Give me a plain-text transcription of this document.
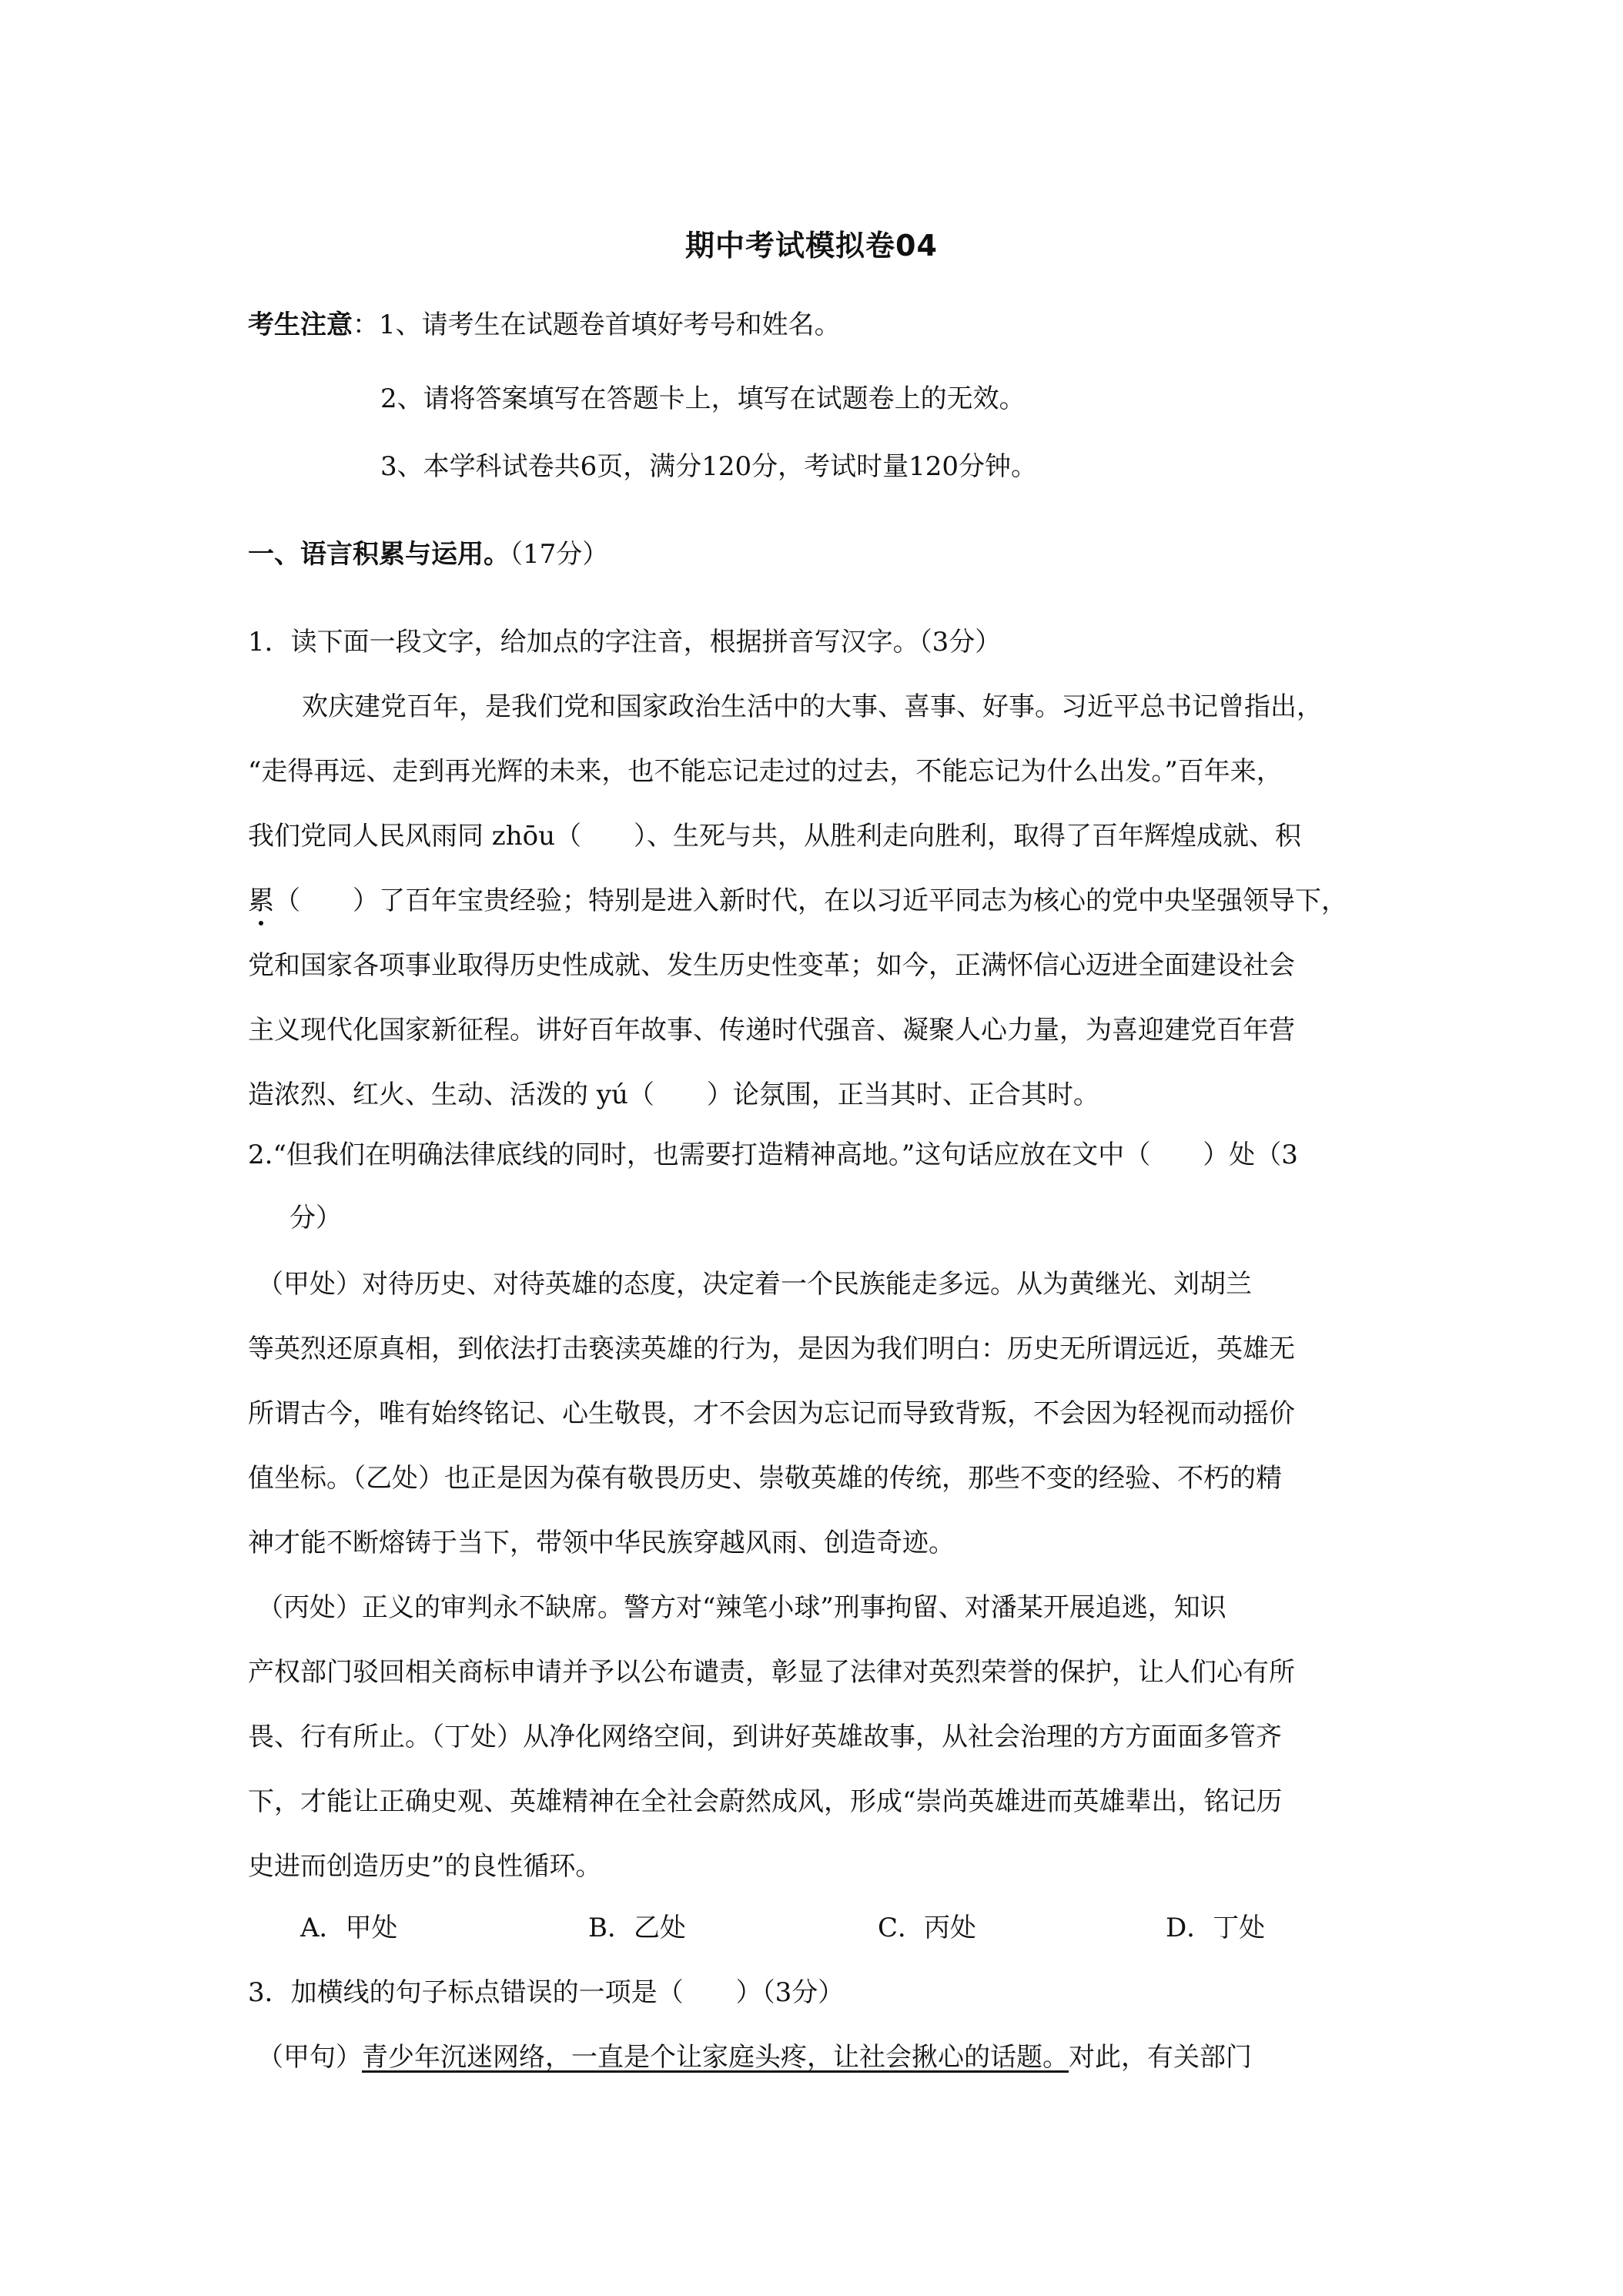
期中考试模拟卷04
考生注意：1、请考生在试题卷首填好考号和姓名。
2、请将答案填写在答题卡上，填写在试题卷上的无效。
3、本学科试卷共6页，满分120分，考试时量120分钟。
一、语言积累与运用。（17分）
1．读下面一段文字，给加点的字注音，根据拼音写汉字。（3分）
欢庆建党百年，是我们党和国家政治生活中的大事、喜事、好事。习近平总书记曾指出，
“走得再远、走到再光辉的未来，也不能忘记走过的过去，不能忘记为什么出发。”百年来，
我们党同人民风雨同 zhōu（　　）、生死与共，从胜利走向胜利，取得了百年辉煌成就、积
累（　　）了百年宝贵经验；特别是进入新时代，在以习近平同志为核心的党中央坚强领导下，
党和国家各项事业取得历史性成就、发生历史性变革；如今，正满怀信心迈进全面建设社会
主义现代化国家新征程。讲好百年故事、传递时代强音、凝聚人心力量，为喜迎建党百年营
造浓烈、红火、生动、活泼的 yú（　　）论氛围，正当其时、正合其时。
2.“但我们在明确法律底线的同时，也需要打造精神高地。”这句话应放在文中（　　）处（3
分）
（甲处）对待历史、对待英雄的态度，决定着一个民族能走多远。从为黄继光、刘胡兰
等英烈还原真相，到依法打击亵渎英雄的行为，是因为我们明白：历史无所谓远近，英雄无
所谓古今，唯有始终铭记、心生敬畏，才不会因为忘记而导致背叛，不会因为轻视而动摇价
值坐标。（乙处）也正是因为葆有敬畏历史、崇敬英雄的传统，那些不变的经验、不朽的精
神才能不断熔铸于当下，带领中华民族穿越风雨、创造奇迹。
（丙处）正义的审判永不缺席。警方对“辣笔小球”刑事拘留、对潘某开展追逃，知识
产权部门驳回相关商标申请并予以公布谴责，彰显了法律对英烈荣誉的保护，让人们心有所
畏、行有所止。（丁处）从净化网络空间，到讲好英雄故事，从社会治理的方方面面多管齐
下，才能让正确史观、英雄精神在全社会蔚然成风，形成“崇尚英雄进而英雄辈出，铭记历
史进而创造历史”的良性循环。
A．甲处	B．乙处	C．丙处	D．丁处
3．加横线的句子标点错误的一项是（　　）（3分）
（甲句）青少年沉迷网络，一直是个让家庭头疼，让社会揪心的话题。对此，有关部门
